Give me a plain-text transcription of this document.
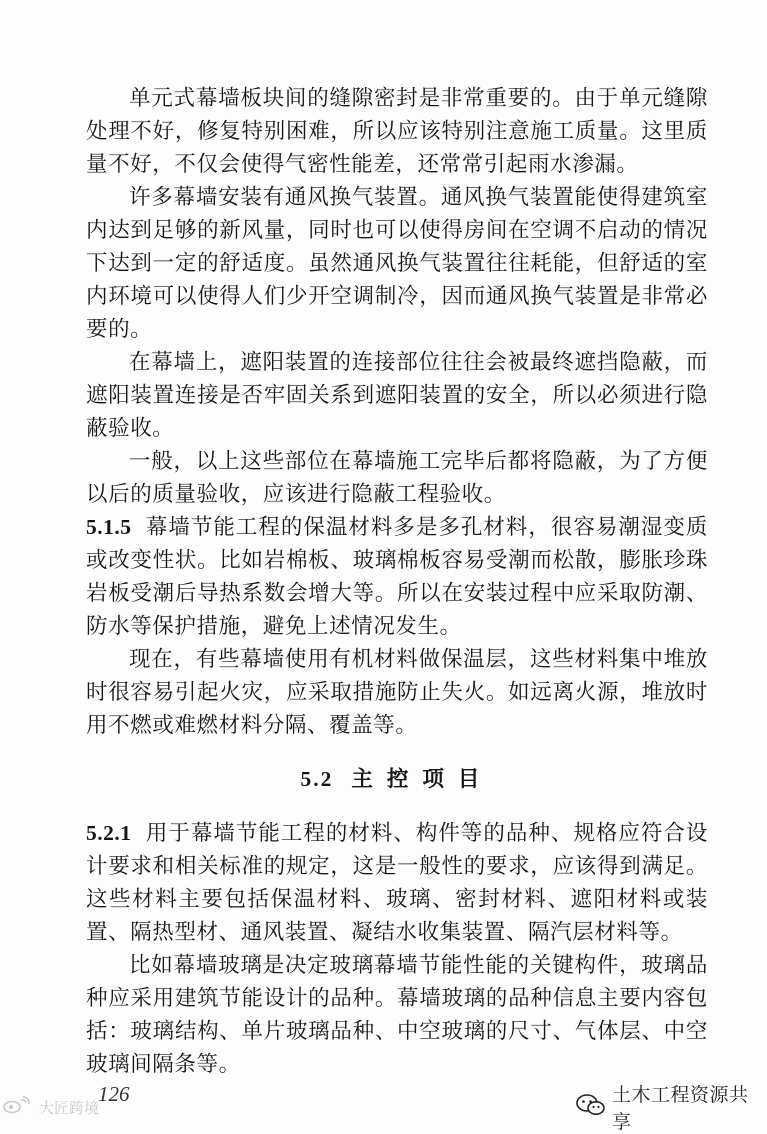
单元式幕墙板块间的缝隙密封是非常重要的。由于单元缝隙处理不好，修复特别困难，所以应该特别注意施工质量。这里质量不好，不仅会使得气密性能差，还常常引起雨水渗漏。

许多幕墙安装有通风换气装置。通风换气装置能使得建筑室内达到足够的新风量，同时也可以使得房间在空调不启动的情况下达到一定的舒适度。虽然通风换气装置往往耗能，但舒适的室内环境可以使得人们少开空调制冷，因而通风换气装置是非常必要的。

在幕墙上，遮阳装置的连接部位往往会被最终遮挡隐蔽，而遮阳装置连接是否牢固关系到遮阳装置的安全，所以必须进行隐蔽验收。

一般，以上这些部位在幕墙施工完毕后都将隐蔽，为了方便以后的质量验收，应该进行隐蔽工程验收。

5.1.5 幕墙节能工程的保温材料多是多孔材料，很容易潮湿变质或改变性状。比如岩棉板、玻璃棉板容易受潮而松散，膨胀珍珠岩板受潮后导热系数会增大等。所以在安装过程中应采取防潮、防水等保护措施，避免上述情况发生。

现在，有些幕墙使用有机材料做保温层，这些材料集中堆放时很容易引起火灾，应采取措施防止失火。如远离火源，堆放时用不燃或难燃材料分隔、覆盖等。

5.2 主控项目

5.2.1 用于幕墙节能工程的材料、构件等的品种、规格应符合设计要求和相关标准的规定，这是一般性的要求，应该得到满足。这些材料主要包括保温材料、玻璃、密封材料、遮阳材料或装置、隔热型材、通风装置、凝结水收集装置、隔汽层材料等。

比如幕墙玻璃是决定玻璃幕墙节能性能的关键构件，玻璃品种应采用建筑节能设计的品种。幕墙玻璃的品种信息主要内容包括：玻璃结构、单片玻璃品种、中空玻璃的尺寸、气体层、中空玻璃间隔条等。

126
大匠跨境
土木工程资源共享
